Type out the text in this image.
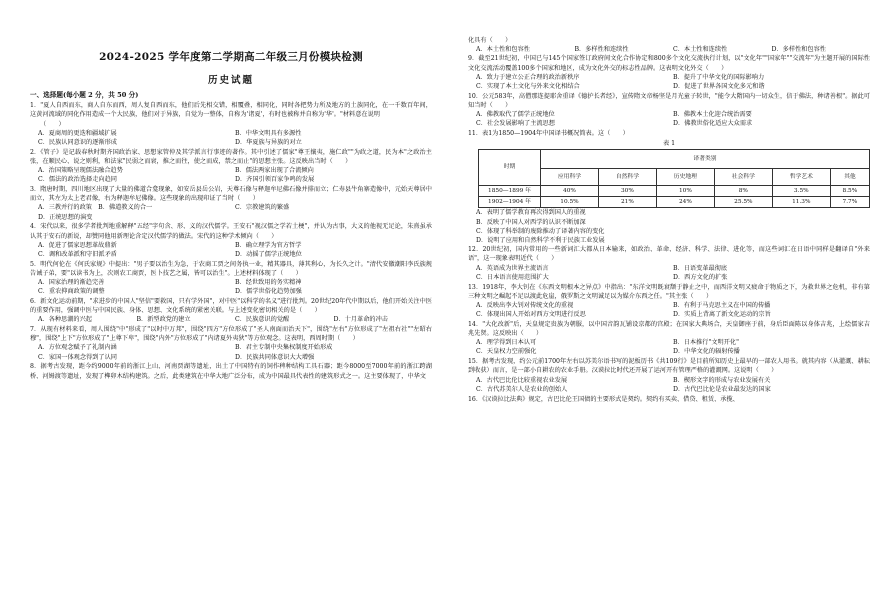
2024-2025 学年度第二学期高二年级三月份模块检测
历史试题
一、选择题(每小题 2 分，共 50 分)
1．"夏人自西而东，商人自东而西，周人复自西而东，他们后先相交错，相覆叠，相同化，同时各把势力所及地方的土族同化，在一千数百年间，这黄河流域的同化作用造成一个大民族，他们对于异族，自觉为一整体，自称为'诸夏'，有时也被称并自称为'华'。"材料意在说明
（　　）
A．夏商周的更迭和疆域扩展	B．中华文明具有多源性
C．民族认同意识的逐渐形成	D．华夏族与异族的对立
2．《管子》是记载春秋时期齐国政治家、思想家管仲及其学派言行事迹的著作。其中引述了儒家"尊王攘夷，施仁政""为政之道，民为本"之政治主张，在顺民心、说之则利，和法家"民弱之而衰，推之而往，使之而成，禁之而止"的思想主张。这反映出当时（　　）
A．治国策略呈现儒法融合趋势	B．儒法两家出现了合流倾向
C．儒法的政治选择走向趋同	D．齐国引领百家争鸣的发展
3．隋唐时期，四川地区出现了大量的佛道合龛现象，如安岳县岳公岩，天尊石像与释迦牟尼佛石像并排而立；仁寿县牛角寨造像中，元始天尊居中而立，其左为太上老君像，右为释迦牟尼佛像。这些现象的出现印证了当时（　　）
A．三教并行的政策　B．佛道教义的合一	C．宗教建筑的繁盛
D．正统思想的演变
4．宋代以来，很多学者批判地重解释"五经"字句含、形、义的汉代儒学。王安石"视汉儒之学若土梗"，并认为古事，大义的他视无足论，朱熹虽承认其于安石的新说，却赞同他用新理论含定汉代儒学的做法。宋代的这种学术倾向（　　）
A．促进了儒家思想革故鼎新	B．确立理学为官方哲学
C．调和改革派和守旧派矛盾	D．动摇了儒学正统地位
5．明代何伦在《何氏家规》中提出："男子要以治生为急，于农商工贾之间务执一业，精其器具，薄其利心，为长久之计。"清代安徽潮阳李氏族规告诫子弟，要"以读书为上，次则农工商贾，医卜技艺之属，皆可以治生"。上述材料体现了（　　）
A．国家治理的渐趋完善	B．经世致用的务实精神
C．重农抑商政策的调整	D．儒学世俗化趋势加强
6．新文化运动前期，"求进步的中国人"坚信"要救国，只有学外国"，对中医"以科学的名义"进行批判。20世纪20年代中期以后，他们开始关注中医的重要作用，强调中医与中国民族、身体、思想、文化系统的紧密关联。与上述变化密切相关的是（　　）
A．各种思潮的兴起	B．新型政党的建立	C．民族意识的觉醒	D．十月革命的冲击
7．从现有材料来看，周人围绕"中"形成了"以时中万邦"，围绕"四方"方位形成了"圣人南面而治天下"，围绕"左右"方位形成了"左祖右社""左昭右穆"，围绕"上下"方位形成了"上尊下卑"，围绕"内外"方位形成了"内诸夏外夷狄"等方位观念。这表明，西周时期（　　）
A．方位观念赋予了礼制内涵	B．君主专制中央集权制度开始形成
C．家国一体观念得到了认同	D．民族共同体意识大大增强
8．据考古发现，距今约9000年前的浙江上山、河南贾湖等遗址，出土了中国特有的饲作稗种结构工具石器；距今8000至7000年前的浙江跨湖桥、河姆渡等遗址，发现了榫卯木结构建筑。之后，此类建筑在中华大地广泛分布，成为中国最具代表性的建筑形式之一。这主要体现了，中华文
化具有（　　）
A．本土性和包容性	B．多样性和连续性	C．本土性和连续性	D．多样性和包容性
9．截至21世纪初，中国已与145个国家签订政府间文化合作协定和800多个文化交流执行计划，以"文化年""国家年""交流年"为主题开展的国际性文化交流活动覆盖100多个国家和地区，成为文化外交的标志性品牌。这表明文化外交（　　）
A．致力于建立公正合理的政治新秩序	B．提升了中华文化的国际影响力
C．实现了本土文化与外来文化相结合	D．促进了世界各国文化多元和谐
10．公元583年，高僧那连提耶舍重译《德护长者经》，宣传隋文帝杨坚是月光童子转世，"能令大隋国内一切众生，信于佛法，种诸善根"。据此可知当时（　　）
A．佛教取代了儒学正统地位	B．佛教本土化迎合统治需要
C．社会发展影响了主流思想	D．佛教世俗化适应大众需求
11．表1为1850—1904年中国译书概况简表。这（　　）
表 1
时期	译著类别					
	应用科学	自然科学	历史地理	社会科学	哲学艺术	其他
1850—1899 年	40%	30%	10%	8%	3.5%	8.5%
1902—1904 年	10.5%	21%	24%	25.5%	11.3%	7.7%
A．表明了儒学教育再次得到国人的重视
B．反映了中国人对西学的认识不断加深
C．体现了科举制的废除推动了译著内容的变化
D．说明了应用和自然科学不利于民族工业发展
12．20世纪初，国内常用的一些新词汇大都从日本输来，如政治、革命、经济、科学、法律、进化等，而这些词汇在日语中同样是翻译自"外来语"，这一现象表明近代（　　）
A．英语成为世界主流语言	B．日语变革最彻底
C．日本语言使用范围扩大	D．西方文化的扩张
13．1918年，李大钊在《东西文明根本之异点》中指出："东洋文明既衰颓于静止之中，而西洋文明又疲命于物质之下，为救世界之危机，非有第三种文明之崛起不足以渡此危崖，俄罗斯之文明诚足以为媒介东西之任。"其主张（　　）
A．反映出李大钊对传统文化的重视	B．有利于马克思主义在中国的传播
C．体现出国人开始对西方文明进行反思	D．实质上背离了新文化运动的宗旨
14．"大化改新"后，天皇规定贵族为朝服，以中国音韵瓦铺设京都的宫殿；在国家大典场合，天皇御座于前，身后臣面陈以身体吉兆，上绘儒家吉兆先贤。这反映出（　　）
A．理学得到日本认可	B．日本推行"文明开化"
C．天皇权力空前强化	D．中华文化的辐射传播
15．据考古发现，约公元前1700年左右以苏美尔语书写的泥板历书《共109行》是目前所知历史上最早的一部农人用书。就其内容（从灌溉、耕耘到收获）而言，是一部小自耕农的农业手册。汉谟拉比时代还开展了运河开有管理严格的灌溉网。这说明（　　）
A．古代巴比伦比较重视农业发展	B．楔形文字的形成与农业发展有关
C．古代苏美尔人是农业的创始人	D．古代巴比伦是农业最发达的国家
16．《汉谟拉比法典》规定，古巴比伦王国债的主要形式是契约。契约有买卖、借贷、租赁、承揽、
